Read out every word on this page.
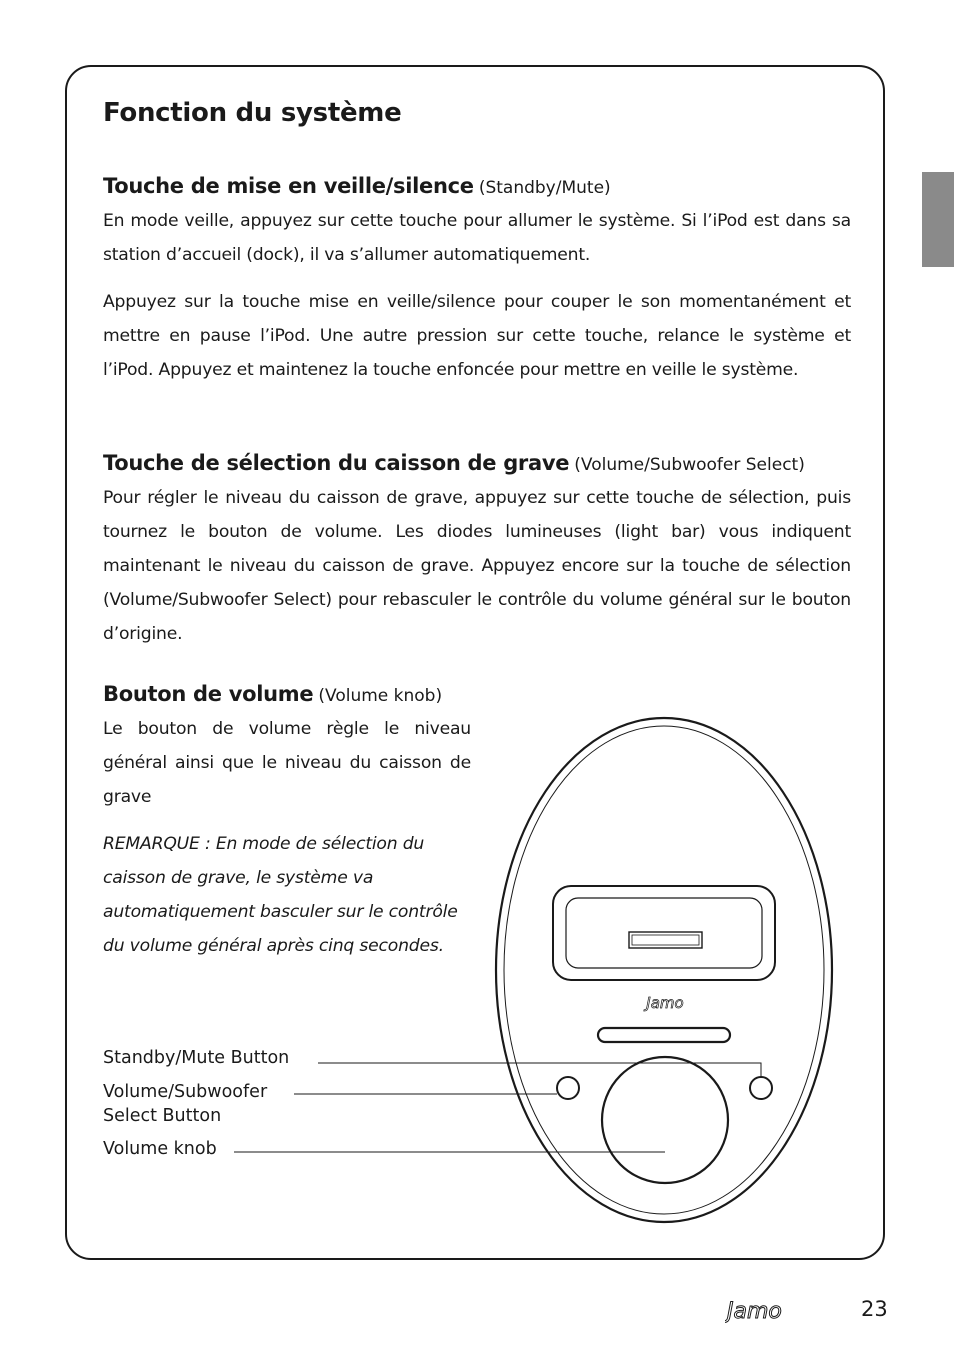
Fonction du système
Touche de mise en veille/silence (Standby/Mute)

En mode veille, appuyez sur cette touche pour allumer le système. Si l’iPod est dans sa station d’accueil (dock), il va s’allumer automatiquement.

Appuyez sur la touche mise en veille/silence pour couper le son momentanément et mettre en pause l’iPod. Une autre pression sur cette touche, relance le système et l’iPod. Appuyez et maintenez la touche enfoncée pour mettre en veille le système.

Touche de sélection du caisson de grave (Volume/Subwoofer Select)

Pour régler le niveau du caisson de grave, appuyez sur cette touche de sélection, puis tournez le bouton de volume. Les diodes lumineuses (light bar) vous indiquent maintenant le niveau du caisson de grave. Appuyez encore sur la touche de sélection (Volume/Subwoofer Select) pour rebasculer le contrôle du volume général sur le bouton d’origine.

Bouton de volume (Volume knob)

Le bouton de volume règle le niveau général ainsi que le niveau du caisson de grave

REMARQUE : En mode de sélection du caisson de grave, le système va automatiquement basculer sur le contrôle du volume général après cinq secondes.

Jamo
Standby/Mute Button
Volume/Subwoofer
Select Button
Volume knob
Jamo	23
